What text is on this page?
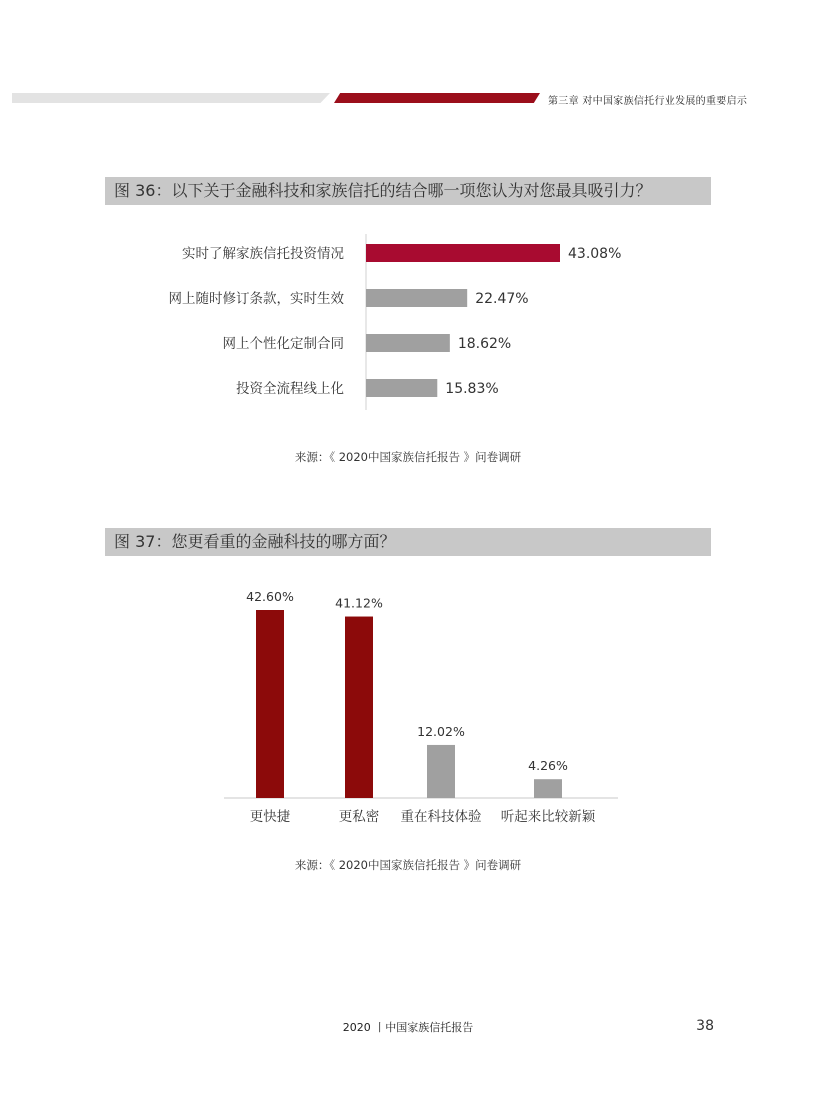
第三章 对中国家族信托行业发展的重要启示
图 36：以下关于金融科技和家族信托的结合哪一项您认为对您最具吸引力？
实时了解家族信托投资情况	43.08%
网上随时修订条款，实时生效	22.47%
网上个性化定制合同	18.62%
投资全流程线上化	15.83%
来源：《 2020中国家族信托报告 》问卷调研
图 37：您更看重的金融科技的哪方面？
42.60%
更快捷
41.12%
更私密
12.02%
重在科技体验
4.26%
听起来比较新颖
来源：《 2020中国家族信托报告 》问卷调研
2020 丨中国家族信托报告	38
